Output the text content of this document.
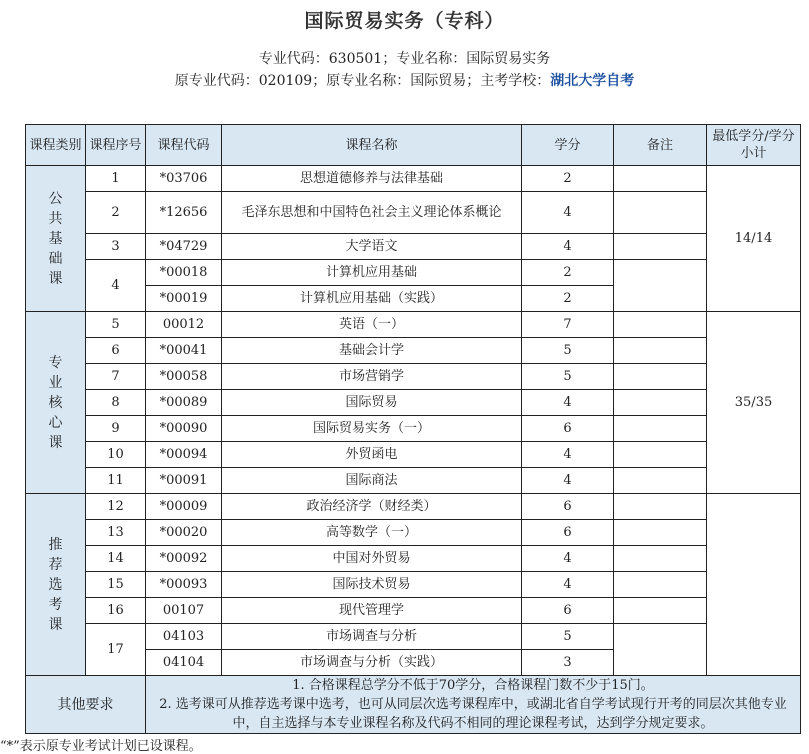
国际贸易实务（专科）
专业代码：630501；专业名称：国际贸易实务
原专业代码：020109；原专业名称：国际贸易；主考学校：湖北大学自考
课程类别	课程序号	课程代码	课程名称	学分	备注	最低学分/学分小计
公共基础课	1	*03706	思想道德修养与法律基础	2		14/14
	2	*12656	毛泽东思想和中国特色社会主义理论体系概论	4		
	3	*04729	大学语文	4		
	4	*00018	计算机应用基础	2		
		*00019	计算机应用基础（实践）	2		
专业核心课	5	00012	英语（一）	7		35/35
	6	*00041	基础会计学	5		
	7	*00058	市场营销学	5		
	8	*00089	国际贸易	4		
	9	*00090	国际贸易实务（一）	6		
	10	*00094	外贸函电	4		
	11	*00091	国际商法	4		
推荐选考课	12	*00009	政治经济学（财经类）	6		
	13	*00020	高等数学（一）	6		
	14	*00092	中国对外贸易	4		
	15	*00093	国际技术贸易	4		
	16	00107	现代管理学	6		
	17	04103	市场调查与分析	5		
		04104	市场调查与分析（实践）	3		
其他要求		1. 合格课程总学分不低于70学分，合格课程门数不少于15门。
2. 选考课可从推荐选考课中选考，也可从同层次选考课程库中，或湖北省自学考试现行开考的同层次其他专业中，自主选择与本专业课程名称及代码不相同的理论课程考试，达到学分规定要求。				
“*”表示原专业考试计划已设课程。
